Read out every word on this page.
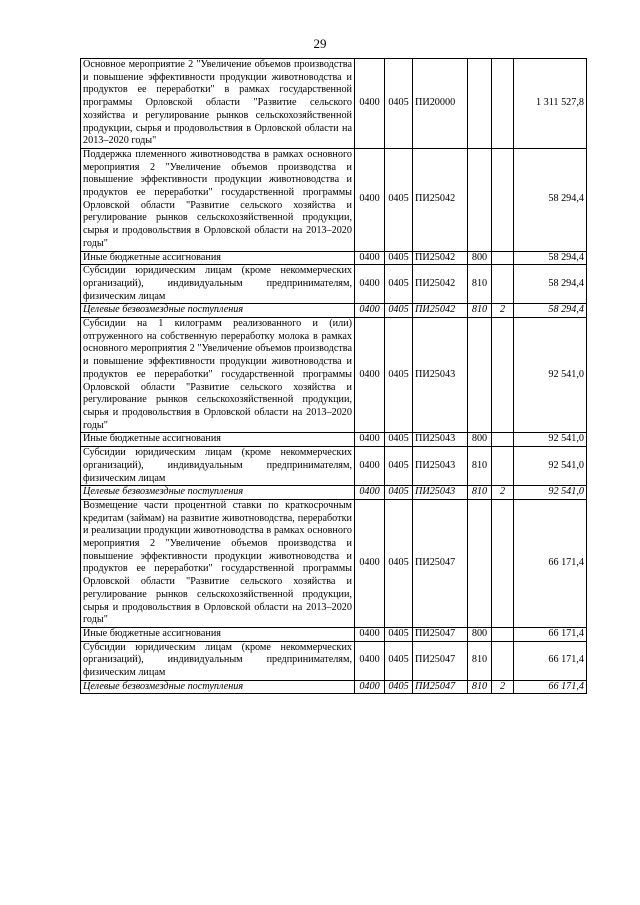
29
Основное мероприятие 2 "Увеличение объемов производства и повышение эффективности продукции животноводства и продуктов ее переработки" в рамках государственной программы Орловской области "Развитие сельского хозяйства и регулирование рынков сельскохозяйственной продукции, сырья и продовольствия в Орловской области на 2013–2020 годы"	0400	0405	ПИ20000			1 311 527,8
Поддержка племенного животноводства в рамках основного мероприятия 2 "Увеличение объемов производства и повышение эффективности продукции животноводства и продуктов ее переработки" государственной программы Орловской области "Развитие сельского хозяйства и регулирование рынков сельскохозяйственной продукции, сырья и продовольствия в Орловской области на 2013–2020 годы"	0400	0405	ПИ25042			58 294,4
Иные бюджетные ассигнования	0400	0405	ПИ25042	800		58 294,4
Субсидии юридическим лицам (кроме некоммерческих организаций), индивидуальным предпринимателям, физическим лицам	0400	0405	ПИ25042	810		58 294,4
Целевые безвозмездные поступления	0400	0405	ПИ25042	810	2	58 294,4
Субсидии на 1 килограмм реализованного и (или) отгруженного на собственную переработку молока в рамках основного мероприятия 2 "Увеличение объемов производства и повышение эффективности продукции животноводства и продуктов ее переработки" государственной программы Орловской области "Развитие сельского хозяйства и регулирование рынков сельскохозяйственной продукции, сырья и продовольствия в Орловской области на 2013–2020 годы"	0400	0405	ПИ25043			92 541,0
Иные бюджетные ассигнования	0400	0405	ПИ25043	800		92 541,0
Субсидии юридическим лицам (кроме некоммерческих организаций), индивидуальным предпринимателям, физическим лицам	0400	0405	ПИ25043	810		92 541,0
Целевые безвозмездные поступления	0400	0405	ПИ25043	810	2	92 541,0
Возмещение части процентной ставки по краткосрочным кредитам (займам) на развитие животноводства, переработки и реализации продукции животноводства в рамках основного мероприятия 2 "Увеличение объемов производства и повышение эффективности продукции животноводства и продуктов ее переработки" государственной программы Орловской области "Развитие сельского хозяйства и регулирование рынков сельскохозяйственной продукции, сырья и продовольствия в Орловской области на 2013–2020 годы"	0400	0405	ПИ25047			66 171,4
Иные бюджетные ассигнования	0400	0405	ПИ25047	800		66 171,4
Субсидии юридическим лицам (кроме некоммерческих организаций), индивидуальным предпринимателям, физическим лицам	0400	0405	ПИ25047	810		66 171,4
Целевые безвозмездные поступления	0400	0405	ПИ25047	810	2	66 171,4
